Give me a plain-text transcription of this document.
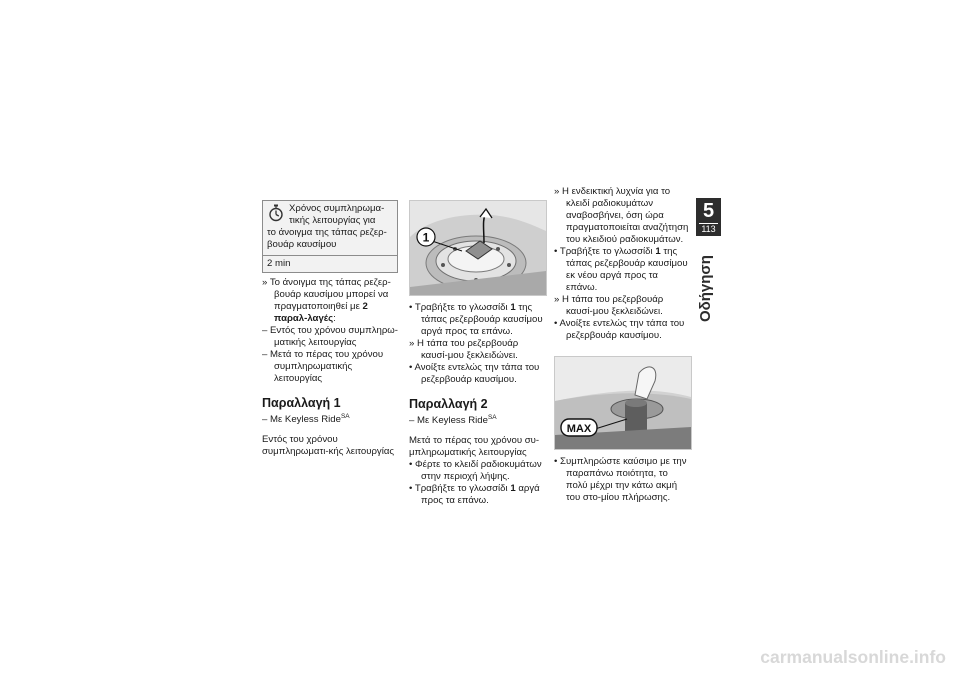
Χρόνος συμπληρωμα-τικής λειτουργίας για

το άνοιγμα της τάπας ρεζερ-βουάρ καυσίμου

2 min

» Το άνοιγμα της τάπας ρεζερ-βουάρ καυσίμου μπορεί να πραγματοποιηθεί με 2 παραλ-λαγές:

– Εντός του χρόνου συμπληρω-ματικής λειτουργίας

– Μετά το πέρας του χρόνου συμπληρωματικής λειτουργίας

Παραλλαγή 1

– Με Keyless Ride$^{SA}$

Εντός του χρόνου συμπληρωματι-κής λειτουργίας

1

• Τραβήξτε το γλωσσίδι 1 της τάπας ρεζερβουάρ καυσίμου αργά προς τα επάνω.

» Η τάπα του ρεζερβουάρ καυσί-μου ξεκλειδώνει.

• Ανοίξτε εντελώς την τάπα του ρεζερβουάρ καυσίμου.

Παραλλαγή 2

– Με Keyless Ride$^{SA}$

Μετά το πέρας του χρόνου συ-μπληρωματικής λειτουργίας

• Φέρτε το κλειδί ραδιοκυμάτων στην περιοχή λήψης.

• Τραβήξτε το γλωσσίδι 1 αργά προς τα επάνω.

» Η ενδεικτική λυχνία για το κλειδί ραδιοκυμάτων αναβοσβήνει, όση ώρα πραγματοποιείται αναζήτηση του κλειδιού ραδιοκυμάτων.

• Τραβήξτε το γλωσσίδι 1 της τάπας ρεζερβουάρ καυσίμου εκ νέου αργά προς τα επάνω.

» Η τάπα του ρεζερβουάρ καυσί-μου ξεκλειδώνει.

• Ανοίξτε εντελώς την τάπα του ρεζερβουάρ καυσίμου.

MAX

• Συμπληρώστε καύσιμο με την παραπάνω ποιότητα, το πολύ μέχρι την κάτω ακμή του στο-μίου πλήρωσης.

5
113
Οδήγηση
carmanualsonline.info
